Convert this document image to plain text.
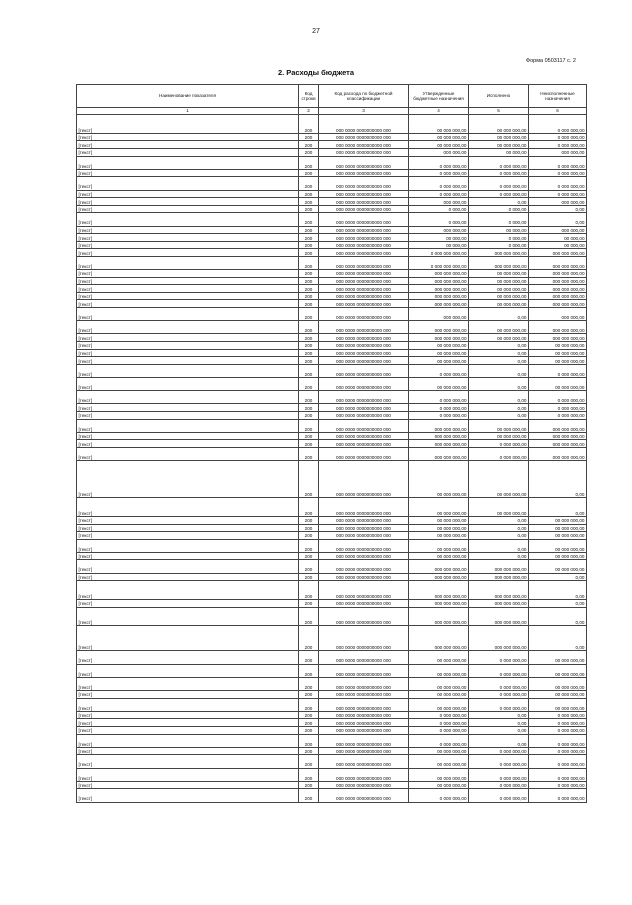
27
Форма 0503117 с. 2
2. Расходы бюджета
Наименование показателя	Код строки	Код расхода по бюджетной классификации	Утвержденные бюджетные назначения	Исполнено	Неисполненные назначения
1	2	3	4	5	6
[текст]	200	000 0000 0000000000 000	00 000 000,00	00 000 000,00	0 000 000,00
[текст]	200	000 0000 0000000000 000	00 000 000,00	00 000 000,00	0 000 000,00
[текст]	200	000 0000 0000000000 000	00 000 000,00	00 000 000,00	0 000 000,00
[текст]	200	000 0000 0000000000 000	000 000,00	00 000,00	000 000,00
[текст]	200	000 0000 0000000000 000	0 000 000,00	0 000 000,00	0 000 000,00
[текст]	200	000 0000 0000000000 000	0 000 000,00	0 000 000,00	0 000 000,00
[текст]	200	000 0000 0000000000 000	0 000 000,00	0 000 000,00	0 000 000,00
[текст]	200	000 0000 0000000000 000	0 000 000,00	0 000 000,00	0 000 000,00
[текст]	200	000 0000 0000000000 000	000 000,00	0,00	000 000,00
[текст]	200	000 0000 0000000000 000	0 000,00	0 000,00	0,00
[текст]	200	000 0000 0000000000 000	0 000,00	0 000,00	0,00
[текст]	200	000 0000 0000000000 000	000 000,00	00 000,00	000 000,00
[текст]	200	000 0000 0000000000 000	00 000,00	0 000,00	00 000,00
[текст]	200	000 0000 0000000000 000	00 000,00	0 000,00	00 000,00
[текст]	200	000 0000 0000000000 000	0 000 000 000,00	000 000 000,00	000 000 000,00
[текст]	200	000 0000 0000000000 000	0 000 000 000,00	000 000 000,00	000 000 000,00
[текст]	200	000 0000 0000000000 000	000 000 000,00	00 000 000,00	000 000 000,00
[текст]	200	000 0000 0000000000 000	000 000 000,00	00 000 000,00	000 000 000,00
[текст]	200	000 0000 0000000000 000	000 000 000,00	00 000 000,00	000 000 000,00
[текст]	200	000 0000 0000000000 000	000 000 000,00	00 000 000,00	000 000 000,00
[текст]	200	000 0000 0000000000 000	000 000 000,00	00 000 000,00	000 000 000,00
[текст]	200	000 0000 0000000000 000	000 000,00	0,00	000 000,00
[текст]	200	000 0000 0000000000 000	000 000 000,00	00 000 000,00	000 000 000,00
[текст]	200	000 0000 0000000000 000	000 000 000,00	00 000 000,00	000 000 000,00
[текст]	200	000 0000 0000000000 000	00 000 000,00	0,00	00 000 000,00
[текст]	200	000 0000 0000000000 000	00 000 000,00	0,00	00 000 000,00
[текст]	200	000 0000 0000000000 000	00 000 000,00	0,00	00 000 000,00
[текст]	200	000 0000 0000000000 000	0 000 000,00	0,00	0 000 000,00
[текст]	200	000 0000 0000000000 000	00 000 000,00	0,00	00 000 000,00
[текст]	200	000 0000 0000000000 000	0 000 000,00	0,00	0 000 000,00
[текст]	200	000 0000 0000000000 000	0 000 000,00	0,00	0 000 000,00
[текст]	200	000 0000 0000000000 000	0 000 000,00	0,00	0 000 000,00
[текст]	200	000 0000 0000000000 000	000 000 000,00	00 000 000,00	000 000 000,00
[текст]	200	000 0000 0000000000 000	000 000 000,00	00 000 000,00	000 000 000,00
[текст]	200	000 0000 0000000000 000	000 000 000,00	0 000 000,00	000 000 000,00
[текст]	200	000 0000 0000000000 000	000 000 000,00	0 000 000,00	000 000 000,00
[текст]	200	000 0000 0000000000 000	00 000 000,00	00 000 000,00	0,00
[текст]	200	000 0000 0000000000 000	00 000 000,00	00 000 000,00	0,00
[текст]	200	000 0000 0000000000 000	00 000 000,00	0,00	00 000 000,00
[текст]	200	000 0000 0000000000 000	00 000 000,00	0,00	00 000 000,00
[текст]	200	000 0000 0000000000 000	00 000 000,00	0,00	00 000 000,00
[текст]	200	000 0000 0000000000 000	00 000 000,00	0,00	00 000 000,00
[текст]	200	000 0000 0000000000 000	00 000 000,00	0,00	00 000 000,00
[текст]	200	000 0000 0000000000 000	000 000 000,00	000 000 000,00	00 000 000,00
[текст]	200	000 0000 0000000000 000	000 000 000,00	000 000 000,00	0,00
[текст]	200	000 0000 0000000000 000	000 000 000,00	000 000 000,00	0,00
[текст]	200	000 0000 0000000000 000	000 000 000,00	000 000 000,00	0,00
[текст]	200	000 0000 0000000000 000	000 000 000,00	000 000 000,00	0,00
[текст]	200	000 0000 0000000000 000	000 000 000,00	000 000 000,00	0,00
[текст]	200	000 0000 0000000000 000	00 000 000,00	0 000 000,00	00 000 000,00
[текст]	200	000 0000 0000000000 000	00 000 000,00	0 000 000,00	00 000 000,00
[текст]	200	000 0000 0000000000 000	00 000 000,00	0 000 000,00	00 000 000,00
[текст]	200	000 0000 0000000000 000	00 000 000,00	0 000 000,00	00 000 000,00
[текст]	200	000 0000 0000000000 000	00 000 000,00	0 000 000,00	00 000 000,00
[текст]	200	000 0000 0000000000 000	0 000 000,00	0,00	0 000 000,00
[текст]	200	000 0000 0000000000 000	0 000 000,00	0,00	0 000 000,00
[текст]	200	000 0000 0000000000 000	0 000 000,00	0,00	0 000 000,00
[текст]	200	000 0000 0000000000 000	0 000 000,00	0,00	0 000 000,00
[текст]	200	000 0000 0000000000 000	00 000 000,00	0 000 000,00	0 000 000,00
[текст]	200	000 0000 0000000000 000	00 000 000,00	0 000 000,00	0 000 000,00
[текст]	200	000 0000 0000000000 000	00 000 000,00	0 000 000,00	0 000 000,00
[текст]	200	000 0000 0000000000 000	00 000 000,00	0 000 000,00	0 000 000,00
[текст]	200	000 0000 0000000000 000	0 000 000,00	0 000 000,00	0 000 000,00
